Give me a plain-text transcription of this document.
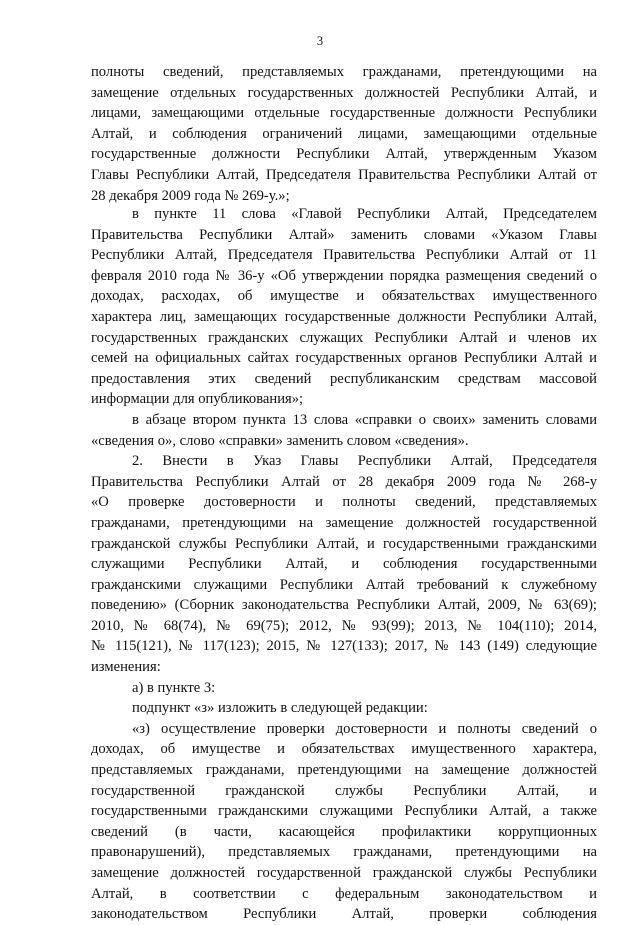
3
полноты сведений, представляемых гражданами, претендующими на
замещение отдельных государственных должностей Республики Алтай, и
лицами, замещающими отдельные государственные должности Республики
Алтай, и соблюдения ограничений лицами, замещающими отдельные
государственные должности Республики Алтай, утвержденным Указом
Главы Республики Алтай, Председателя Правительства Республики Алтай от
28 декабря 2009 года № 269-у.»;
в пункте 11 слова «Главой Республики Алтай, Председателем
Правительства Республики Алтай» заменить словами «Указом Главы
Республики Алтай, Председателя Правительства Республики Алтай от 11
февраля 2010 года № 36-у «Об утверждении порядка размещения сведений о
доходах, расходах, об имуществе и обязательствах имущественного
характера лиц, замещающих государственные должности Республики Алтай,
государственных гражданских служащих Республики Алтай и членов их
семей на официальных сайтах государственных органов Республики Алтай и
предоставления этих сведений республиканским средствам массовой
информации для опубликования»;
в абзаце втором пункта 13 слова «справки о своих» заменить словами
«сведения о», слово «справки» заменить словом «сведения».
2. Внести в Указ Главы Республики Алтай, Председателя
Правительства Республики Алтай от 28 декабря 2009 года № 268-у
«О проверке достоверности и полноты сведений, представляемых
гражданами, претендующими на замещение должностей государственной
гражданской службы Республики Алтай, и государственными гражданскими
служащими Республики Алтай, и соблюдения государственными
гражданскими служащими Республики Алтай требований к служебному
поведению» (Сборник законодательства Республики Алтай, 2009, № 63(69);
2010, № 68(74), № 69(75); 2012, № 93(99); 2013, № 104(110); 2014,
№ 115(121), № 117(123); 2015, № 127(133); 2017, № 143 (149) следующие
изменения:
а) в пункте 3:
подпункт «з» изложить в следующей редакции:
«з) осуществление проверки достоверности и полноты сведений о
доходах, об имуществе и обязательствах имущественного характера,
представляемых гражданами, претендующими на замещение должностей
государственной гражданской службы Республики Алтай, и
государственными гражданскими служащими Республики Алтай, а также
сведений (в части, касающейся профилактики коррупционных
правонарушений), представляемых гражданами, претендующими на
замещение должностей государственной гражданской службы Республики
Алтай, в соответствии с федеральным законодательством и
законодательством Республики Алтай, проверки соблюдения
